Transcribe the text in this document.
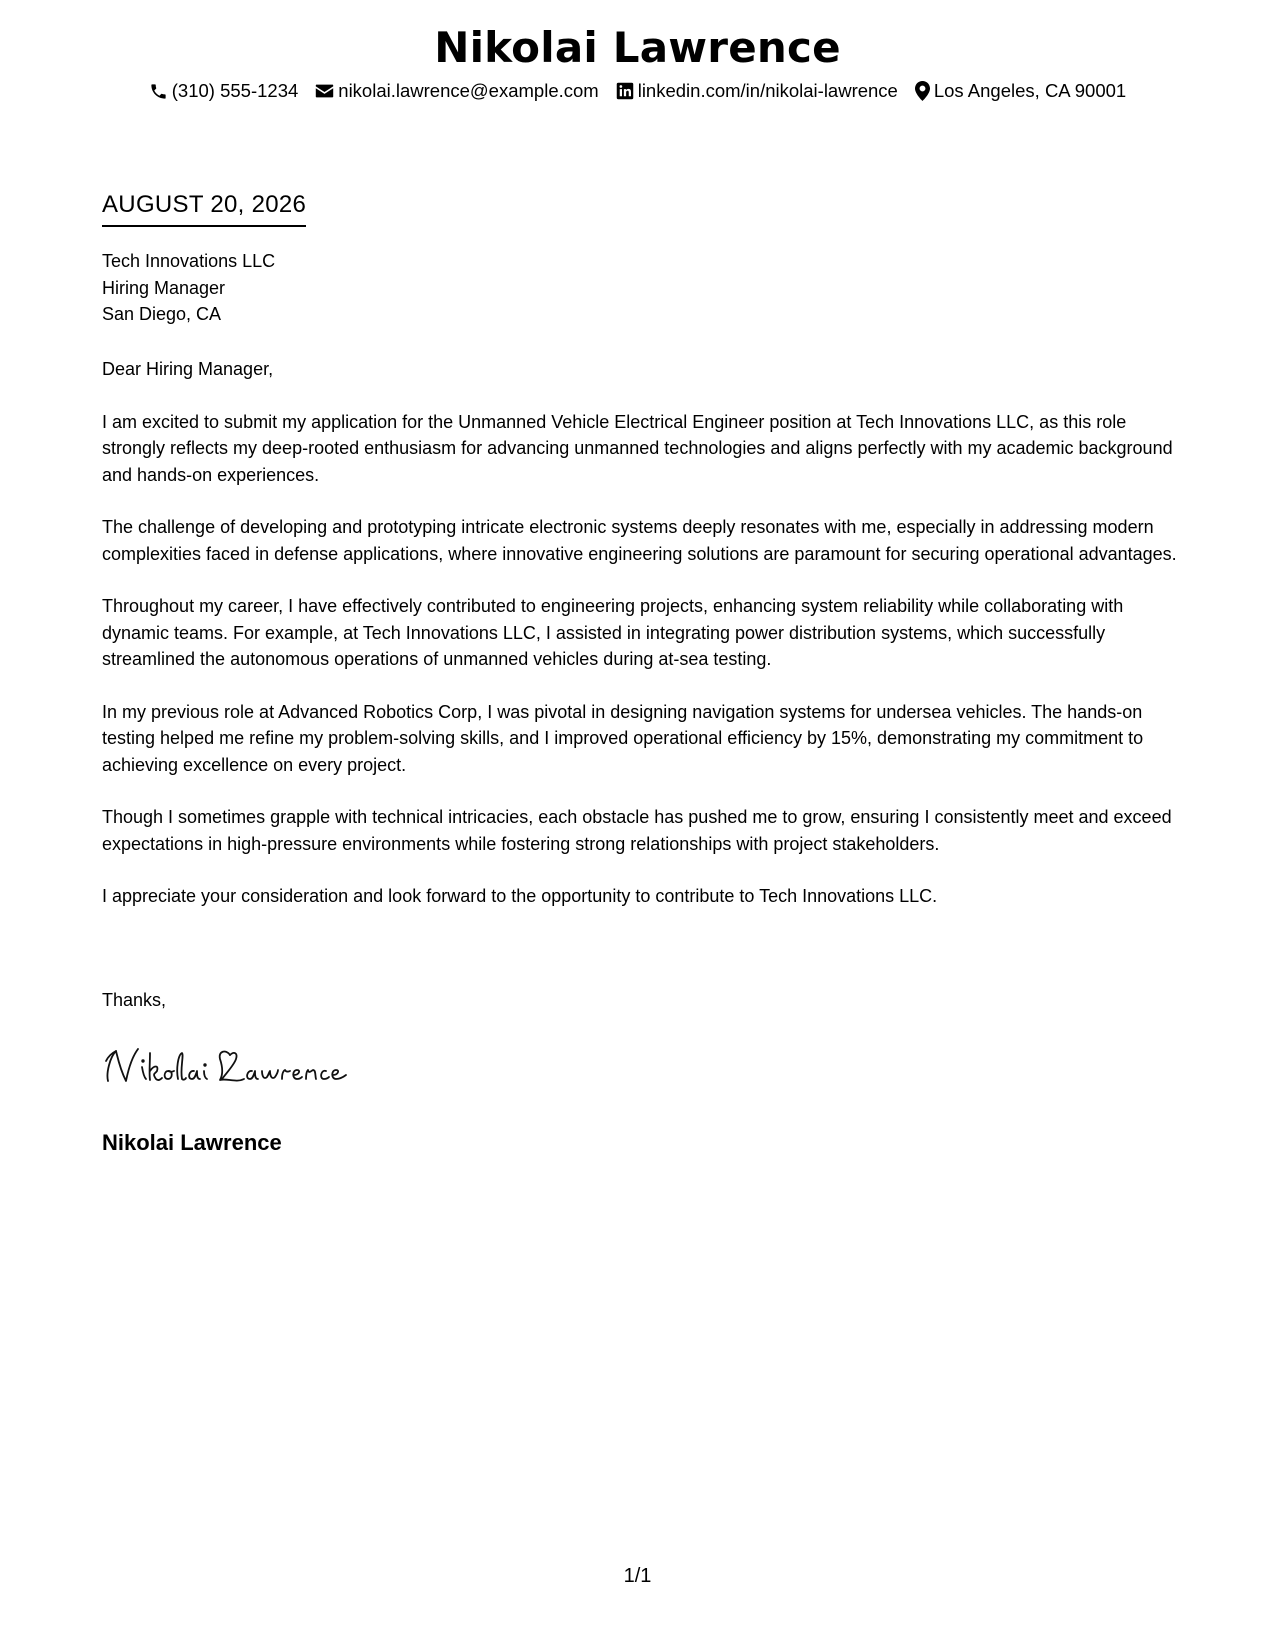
Nikolai Lawrence
(310) 555-1234 nikolai.lawrence@example.com linkedin.com/in/nikolai-lawrence Los Angeles, CA 90001
AUGUST 20, 2026
Tech Innovations LLC
Hiring Manager
San Diego, CA

Dear Hiring Manager,

I am excited to submit my application for the Unmanned Vehicle Electrical Engineer position at Tech Innovations LLC, as this role strongly reflects my deep-rooted enthusiasm for advancing unmanned technologies and aligns perfectly with my academic background and hands-on experiences.

The challenge of developing and prototyping intricate electronic systems deeply resonates with me, especially in addressing modern complexities faced in defense applications, where innovative engineering solutions are paramount for securing operational advantages.

Throughout my career, I have effectively contributed to engineering projects, enhancing system reliability while collaborating with dynamic teams. For example, at Tech Innovations LLC, I assisted in integrating power distribution systems, which successfully streamlined the autonomous operations of unmanned vehicles during at-sea testing.

In my previous role at Advanced Robotics Corp, I was pivotal in designing navigation systems for undersea vehicles. The hands-on testing helped me refine my problem-solving skills, and I improved operational efficiency by 15%, demonstrating my commitment to achieving excellence on every project.

Though I sometimes grapple with technical intricacies, each obstacle has pushed me to grow, ensuring I consistently meet and exceed expectations in high-pressure environments while fostering strong relationships with project stakeholders.

I appreciate your consideration and look forward to the opportunity to contribute to Tech Innovations LLC.

Thanks,
Nikolai Lawrence
1/1
